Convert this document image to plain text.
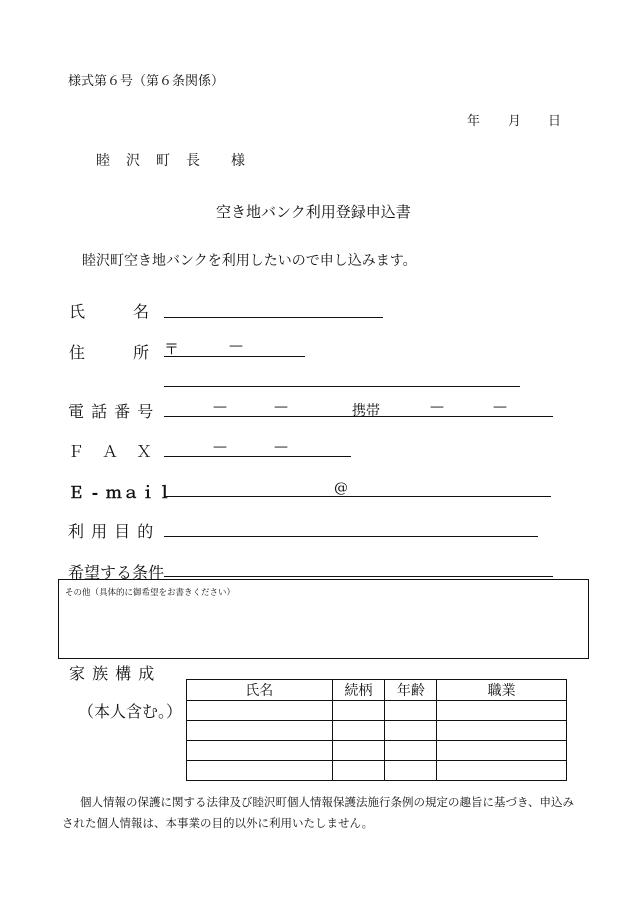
様式第６号（第６条関係）
年 月 日
睦　沢　町　長　　様
空き地バンク利用登録申込書
睦沢町空き地バンクを利用したいので申し込みます。
氏	名
住	所 〒	—
電 話 番 号	—	—	携帯	—	—
Ｆ　Ａ　Ｘ	—	—
Ｅ - ｍａｉｌ	@
利 用 目 的
希望する条件
その他（具体的に御希望をお書きください）
家 族 構 成
（本人含む。）
氏名	続柄	年齢	職業

個人情報の保護に関する法律及び睦沢町個人情報保護法施行条例の規定の趣旨に基づき、申込み
された個人情報は、本事業の目的以外に利用いたしません。
